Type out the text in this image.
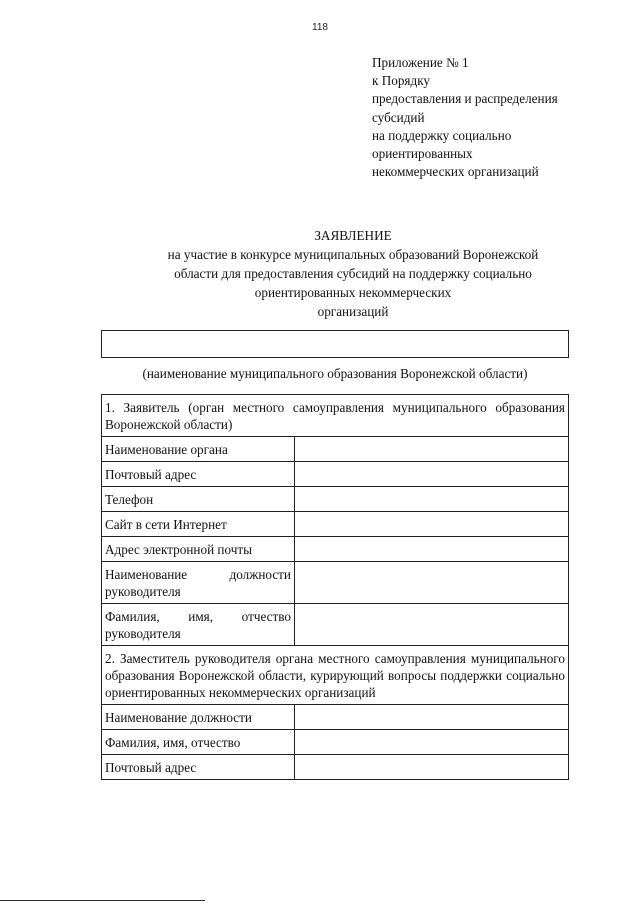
118
Приложение № 1
к Порядку
предоставления и распределения
субсидий
на поддержку социально
ориентированных
некоммерческих организаций
ЗАЯВЛЕНИЕ
на участие в конкурсе муниципальных образований Воронежской
области для предоставления субсидий на поддержку социально
ориентированных некоммерческих
организаций
(наименование муниципального образования Воронежской области)
1. Заявитель (орган местного самоуправления муниципального образования Воронежской области)	
Наименование органа	
Почтовый адрес	
Телефон	
Сайт в сети Интернет	
Адрес электронной почты	
Наименование должности руководителя	
Фамилия, имя, отчество руководителя	
2. Заместитель руководителя органа местного самоуправления муниципального образования Воронежской области, курирующий вопросы поддержки социально ориентированных некоммерческих организаций	
Наименование должности	
Фамилия, имя, отчество	
Почтовый адрес	
